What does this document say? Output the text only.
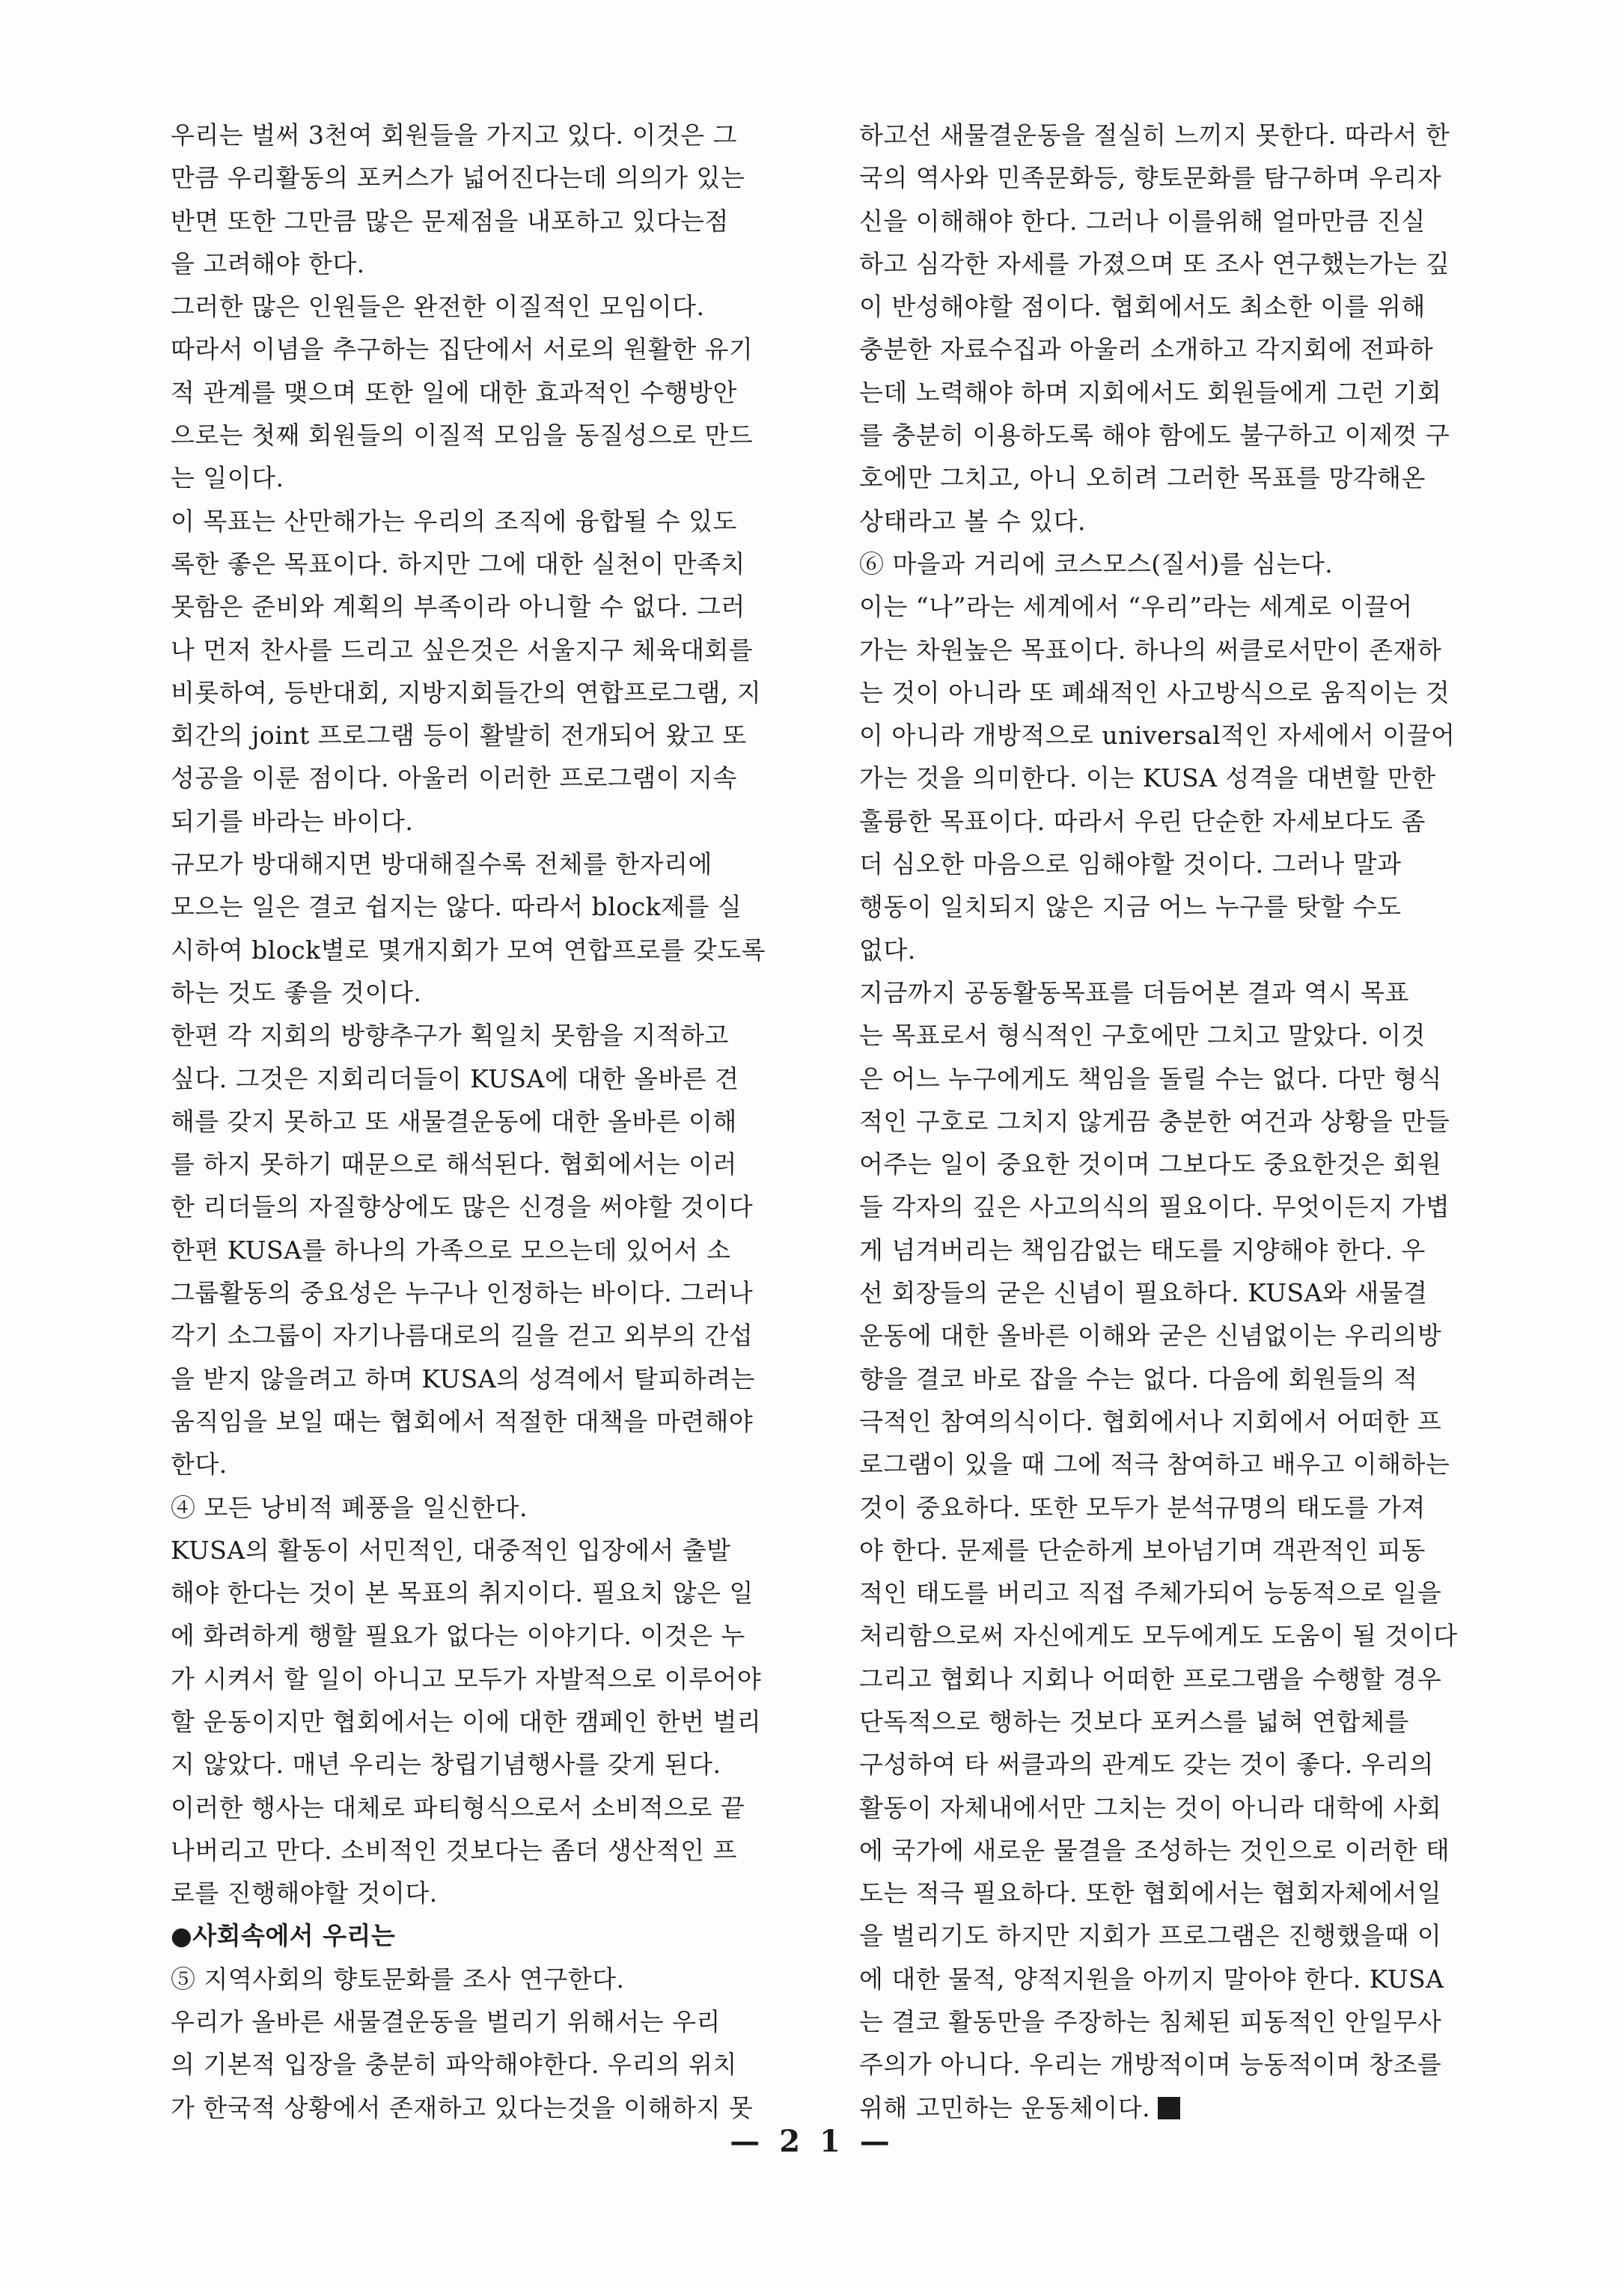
우리는 벌써 3천여 회원들을 가지고 있다. 이것은 그

만큼 우리활동의 포커스가 넓어진다는데 의의가 있는

반면 또한 그만큼 많은 문제점을 내포하고 있다는점

을 고려해야 한다.

그러한 많은 인원들은 완전한 이질적인 모임이다.

따라서 이념을 추구하는 집단에서 서로의 원활한 유기

적 관계를 맺으며 또한 일에 대한 효과적인 수행방안

으로는 첫째 회원들의 이질적 모임을 동질성으로 만드

는 일이다.

이 목표는 산만해가는 우리의 조직에 융합될 수 있도

록한 좋은 목표이다. 하지만 그에 대한 실천이 만족치

못함은 준비와 계획의 부족이라 아니할 수 없다. 그러

나 먼저 찬사를 드리고 싶은것은 서울지구 체육대회를

비롯하여, 등반대회, 지방지회들간의 연합프로그램, 지

회간의 joint 프로그램 등이 활발히 전개되어 왔고 또

성공을 이룬 점이다. 아울러 이러한 프로그램이 지속

되기를 바라는 바이다.

규모가 방대해지면 방대해질수록 전체를 한자리에

모으는 일은 결코 쉽지는 않다. 따라서 block제를 실

시하여 block별로 몇개지회가 모여 연합프로를 갖도록

하는 것도 좋을 것이다.

한편 각 지회의 방향추구가 획일치 못함을 지적하고

싶다. 그것은 지회리더들이 KUSA에 대한 올바른 견

해를 갖지 못하고 또 새물결운동에 대한 올바른 이해

를 하지 못하기 때문으로 해석된다. 협회에서는 이러

한 리더들의 자질향상에도 많은 신경을 써야할 것이다

한편 KUSA를 하나의 가족으로 모으는데 있어서 소

그룹활동의 중요성은 누구나 인정하는 바이다. 그러나

각기 소그룹이 자기나름대로의 길을 걷고 외부의 간섭

을 받지 않을려고 하며 KUSA의 성격에서 탈피하려는

움직임을 보일 때는 협회에서 적절한 대책을 마련해야

한다.

④ 모든 낭비적 폐풍을 일신한다.

KUSA의 활동이 서민적인, 대중적인 입장에서 출발

해야 한다는 것이 본 목표의 취지이다. 필요치 않은 일

에 화려하게 행할 필요가 없다는 이야기다. 이것은 누

가 시켜서 할 일이 아니고 모두가 자발적으로 이루어야

할 운동이지만 협회에서는 이에 대한 캠페인 한번 벌리

지 않았다. 매년 우리는 창립기념행사를 갖게 된다.

이러한 행사는 대체로 파티형식으로서 소비적으로 끝

나버리고 만다. 소비적인 것보다는 좀더 생산적인 프

로를 진행해야할 것이다.

●사회속에서 우리는

⑤ 지역사회의 향토문화를 조사 연구한다.

우리가 올바른 새물결운동을 벌리기 위해서는 우리

의 기본적 입장을 충분히 파악해야한다. 우리의 위치

가 한국적 상황에서 존재하고 있다는것을 이해하지 못

하고선 새물결운동을 절실히 느끼지 못한다. 따라서 한

국의 역사와 민족문화등, 향토문화를 탐구하며 우리자

신을 이해해야 한다. 그러나 이를위해 얼마만큼 진실

하고 심각한 자세를 가졌으며 또 조사 연구했는가는 깊

이 반성해야할 점이다. 협회에서도 최소한 이를 위해

충분한 자료수집과 아울러 소개하고 각지회에 전파하

는데 노력해야 하며 지회에서도 회원들에게 그런 기회

를 충분히 이용하도록 해야 함에도 불구하고 이제껏 구

호에만 그치고, 아니 오히려 그러한 목표를 망각해온

상태라고 볼 수 있다.

⑥ 마을과 거리에 코스모스(질서)를 심는다.

이는 “나”라는 세계에서 “우리”라는 세계로 이끌어

가는 차원높은 목표이다. 하나의 써클로서만이 존재하

는 것이 아니라 또 폐쇄적인 사고방식으로 움직이는 것

이 아니라 개방적으로 universal적인 자세에서 이끌어

가는 것을 의미한다. 이는 KUSA 성격을 대변할 만한

훌륭한 목표이다. 따라서 우린 단순한 자세보다도 좀

더 심오한 마음으로 임해야할 것이다. 그러나 말과

행동이 일치되지 않은 지금 어느 누구를 탓할 수도

없다.

지금까지 공동활동목표를 더듬어본 결과 역시 목표

는 목표로서 형식적인 구호에만 그치고 말았다. 이것

은 어느 누구에게도 책임을 돌릴 수는 없다. 다만 형식

적인 구호로 그치지 않게끔 충분한 여건과 상황을 만들

어주는 일이 중요한 것이며 그보다도 중요한것은 회원

들 각자의 깊은 사고의식의 필요이다. 무엇이든지 가볍

게 넘겨버리는 책임감없는 태도를 지양해야 한다. 우

선 회장들의 굳은 신념이 필요하다. KUSA와 새물결

운동에 대한 올바른 이해와 굳은 신념없이는 우리의방

향을 결코 바로 잡을 수는 없다. 다음에 회원들의 적

극적인 참여의식이다. 협회에서나 지회에서 어떠한 프

로그램이 있을 때 그에 적극 참여하고 배우고 이해하는

것이 중요하다. 또한 모두가 분석규명의 태도를 가져

야 한다. 문제를 단순하게 보아넘기며 객관적인 피동

적인 태도를 버리고 직접 주체가되어 능동적으로 일을

처리함으로써 자신에게도 모두에게도 도움이 될 것이다

그리고 협회나 지회나 어떠한 프로그램을 수행할 경우

단독적으로 행하는 것보다 포커스를 넓혀 연합체를

구성하여 타 써클과의 관계도 갖는 것이 좋다. 우리의

활동이 자체내에서만 그치는 것이 아니라 대학에 사회

에 국가에 새로운 물결을 조성하는 것인으로 이러한 태

도는 적극 필요하다. 또한 협회에서는 협회자체에서일

을 벌리기도 하지만 지회가 프로그램은 진행했을때 이

에 대한 물적, 양적지원을 아끼지 말아야 한다. KUSA

는 결코 활동만을 주장하는 침체된 피동적인 안일무사

주의가 아니다. 우리는 개방적이며 능동적이며 창조를

위해 고민하는 운동체이다.

— 2 1 —
